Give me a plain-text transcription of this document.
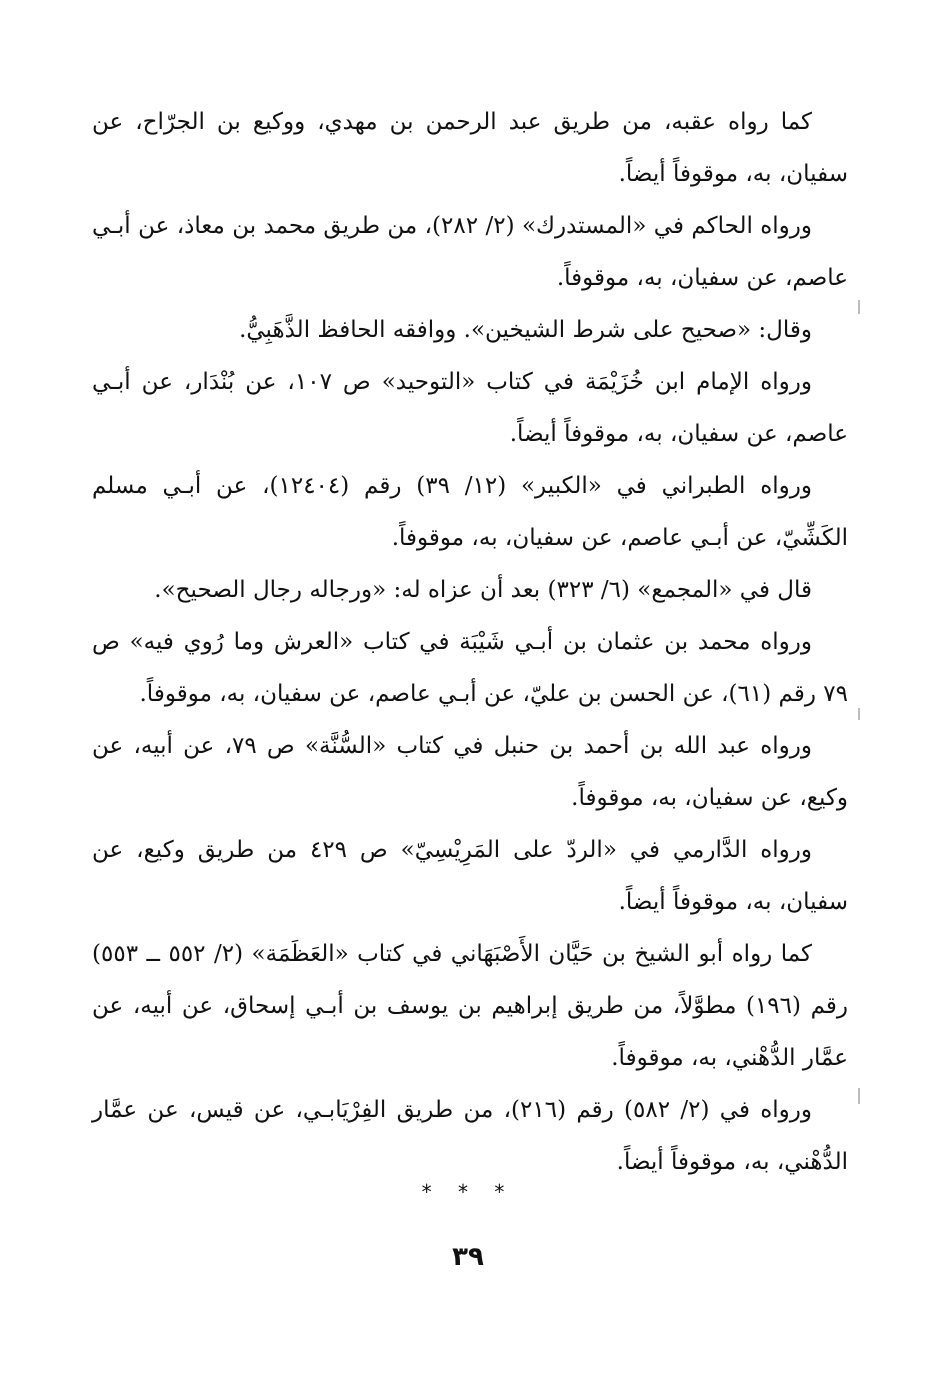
كما رواه عقبه، من طريق عبد الرحمن بن مهدي، ووكيع بن الجرّاح، عن سفيان، به، موقوفاً أيضاً.

ورواه الحاكم في «المستدرك» (٢/ ٢٨٢)، من طريق محمد بن معاذ، عن أبـي عاصم، عن سفيان، به، موقوفاً.

وقال: «صحيح على شرط الشيخين». ووافقه الحافظ الذَّهَبِيُّ.

ورواه الإمام ابن خُزَيْمَة في كتاب «التوحيد» ص ١٠٧، عن بُنْدَار، عن أبـي عاصم، عن سفيان، به، موقوفاً أيضاً.

ورواه الطبراني في «الكبير» (١٢/ ٣٩) رقم (١٢٤٠٤)، عن أبـي مسلم الكَشِّيّ، عن أبـي عاصم، عن سفيان، به، موقوفاً.

قال في «المجمع» (٦/ ٣٢٣) بعد أن عزاه له: «ورجاله رجال الصحيح».

ورواه محمد بن عثمان بن أبـي شَيْبَة في كتاب «العرش وما رُوي فيه» ص ٧٩ رقم (٦١)، عن الحسن بن عليّ، عن أبـي عاصم، عن سفيان، به، موقوفاً.

ورواه عبد الله بن أحمد بن حنبل في كتاب «السُّنَّة» ص ٧٩، عن أبيه، عن وكيع، عن سفيان، به، موقوفاً.

ورواه الدَّارمي في «الردّ على المَرِيْسِيّ» ص ٤٢٩ من طريق وكيع، عن سفيان، به، موقوفاً أيضاً.

كما رواه أبو الشيخ بن حَيَّان الأَصْبَهَاني في كتاب «العَظَمَة» (٢/ ٥٥٢ ــ ٥٥٣) رقم (١٩٦) مطوَّلاً، من طريق إبراهيم بن يوسف بن أبـي إسحاق، عن أبيه، عن عمَّار الدُّهْني، به، موقوفاً.

ورواه في (٢/ ٥٨٢) رقم (٢١٦)، من طريق الفِرْيَابـي، عن قيس، عن عمَّار الدُّهْني، به، موقوفاً أيضاً.

* * *
٣٩
